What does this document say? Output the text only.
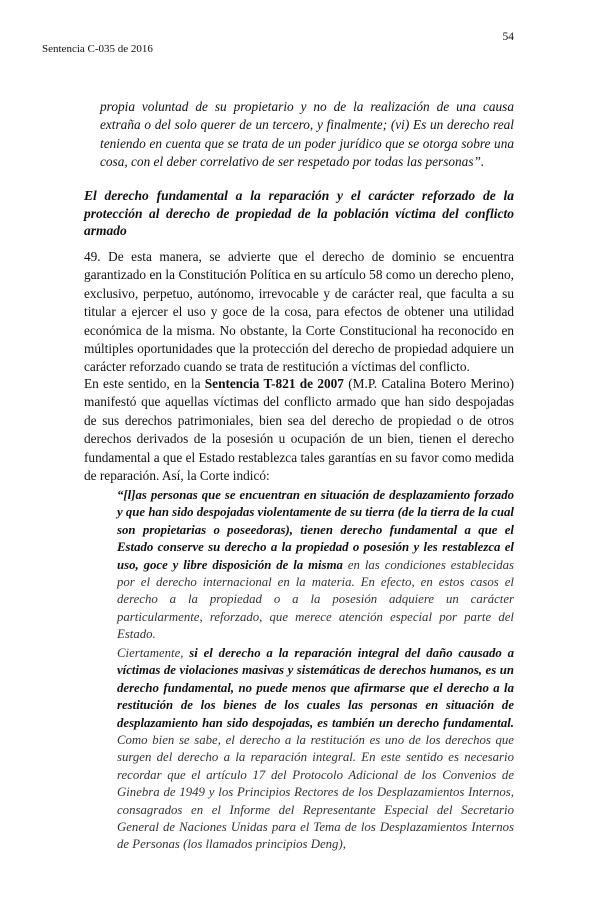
Sentencia C-035 de 2016
54
propia voluntad de su propietario y no de la realización de una causa extraña o del solo querer de un tercero, y finalmente; (vi) Es un derecho real teniendo en cuenta que se trata de un poder jurídico que se otorga sobre una cosa, con el deber correlativo de ser respetado por todas las personas”.
El derecho fundamental a la reparación y el carácter reforzado de la protección al derecho de propiedad de la población víctima del conflicto armado
49. De esta manera, se advierte que el derecho de dominio se encuentra garantizado en la Constitución Política en su artículo 58 como un derecho pleno, exclusivo, perpetuo, autónomo, irrevocable y de carácter real, que faculta a su titular a ejercer el uso y goce de la cosa, para efectos de obtener una utilidad económica de la misma. No obstante, la Corte Constitucional ha reconocido en múltiples oportunidades que la protección del derecho de propiedad adquiere un carácter reforzado cuando se trata de restitución a víctimas del conflicto.
En este sentido, en la Sentencia T-821 de 2007 (M.P. Catalina Botero Merino) manifestó que aquellas víctimas del conflicto armado que han sido despojadas de sus derechos patrimoniales, bien sea del derecho de propiedad o de otros derechos derivados de la posesión u ocupación de un bien, tienen el derecho fundamental a que el Estado restablezca tales garantías en su favor como medida de reparación. Así, la Corte indicó:
“[l]as personas que se encuentran en situación de desplazamiento forzado y que han sido despojadas violentamente de su tierra (de la tierra de la cual son propietarias o poseedoras), tienen derecho fundamental a que el Estado conserve su derecho a la propiedad o posesión y les restablezca el uso, goce y libre disposición de la misma en las condiciones establecidas por el derecho internacional en la materia. En efecto, en estos casos el derecho a la propiedad o a la posesión adquiere un carácter particularmente, reforzado, que merece atención especial por parte del Estado.
Ciertamente, si el derecho a la reparación integral del daño causado a víctimas de violaciones masivas y sistemáticas de derechos humanos, es un derecho fundamental, no puede menos que afirmarse que el derecho a la restitución de los bienes de los cuales las personas en situación de desplazamiento han sido despojadas, es también un derecho fundamental. Como bien se sabe, el derecho a la restitución es uno de los derechos que surgen del derecho a la reparación integral. En este sentido es necesario recordar que el artículo 17 del Protocolo Adicional de los Convenios de Ginebra de 1949 y los Principios Rectores de los Desplazamientos Internos, consagrados en el Informe del Representante Especial del Secretario General de Naciones Unidas para el Tema de los Desplazamientos Internos de Personas (los llamados principios Deng),
